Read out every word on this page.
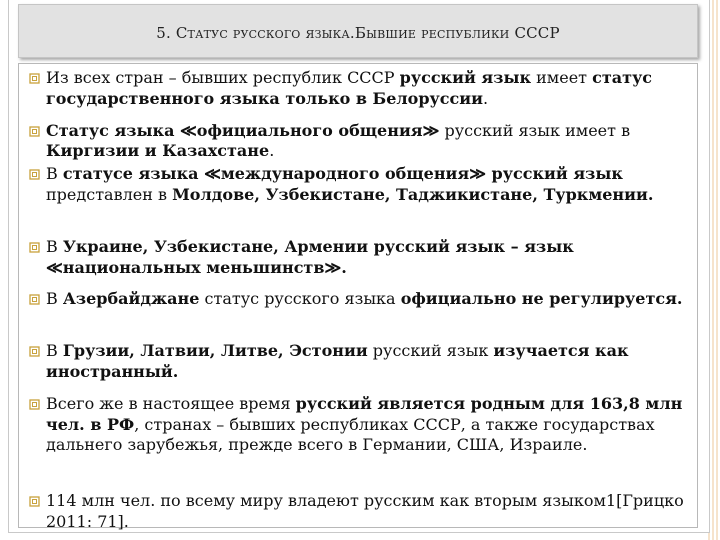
5. Статус русского языка.Бывшие республики СССР
Из всех стран – бывших республик СССР русский язык имеет статус государственного языка только в Белоруссии.
Статус языка ≪официального общения≫ русский язык имеет в Киргизии и Казахстане.
В статусе языка ≪международного общения≫ русский язык представлен в Молдове, Узбекистане, Таджикистане, Туркмении.
В Украине, Узбекистане, Армении русский язык – язык ≪национальных меньшинств≫.
В Азербайджане статус русского языка официально не регулируется.
В Грузии, Латвии, Литве, Эстонии русский язык изучается как иностранный.
Всего же в настоящее время русский является родным для 163,8 млн чел. в РФ, странах – бывших республиках СССР, а также государствах дальнего зарубежья, прежде всего в Германии, США, Израиле.
114 млн чел. по всему миру владеют русским как вторым языком1[Грицко 2011: 71].
